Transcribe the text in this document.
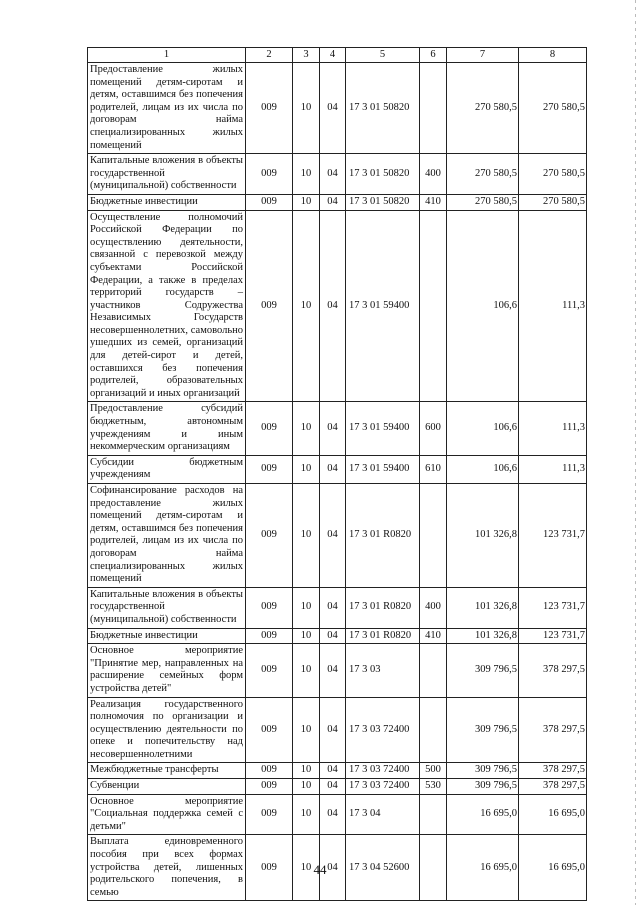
1	2	3	4	5	6	7	8
Предоставление жилых помещений детям-сиротам и детям, оставшимся без попечения родителей, лицам из их числа по договорам найма специализированных жилых помещений	009	10	04	17 3 01 50820		270 580,5	270 580,5
Капитальные вложения в объекты государственной (муниципальной) собственности	009	10	04	17 3 01 50820	400	270 580,5	270 580,5
Бюджетные инвестиции	009	10	04	17 3 01 50820	410	270 580,5	270 580,5
Осуществление полномочий Российской Федерации по осуществлению деятельности, связанной с перевозкой между субъектами Российской Федерации, а также в пределах территорий государств – участников Содружества Независимых Государств несовершеннолетних, самовольно ушедших из семей, организаций для детей-сирот и детей, оставшихся без попечения родителей, образовательных организаций и иных организаций	009	10	04	17 3 01 59400		106,6	111,3
Предоставление субсидий бюджетным, автономным учреждениям и иным некоммерческим организациям	009	10	04	17 3 01 59400	600	106,6	111,3
Субсидии бюджетным учреждениям	009	10	04	17 3 01 59400	610	106,6	111,3
Софинансирование расходов на предоставление жилых помещений детям-сиротам и детям, оставшимся без попечения родителей, лицам из их числа по договорам найма специализированных жилых помещений	009	10	04	17 3 01 R0820		101 326,8	123 731,7
Капитальные вложения в объекты государственной (муниципальной) собственности	009	10	04	17 3 01 R0820	400	101 326,8	123 731,7
Бюджетные инвестиции	009	10	04	17 3 01 R0820	410	101 326,8	123 731,7
Основное мероприятие "Принятие мер, направленных на расширение семейных форм устройства детей"	009	10	04	17 3 03		309 796,5	378 297,5
Реализация государственного полномочия по организации и осуществлению деятельности по опеке и попечительству над несовершеннолетними	009	10	04	17 3 03 72400		309 796,5	378 297,5
Межбюджетные трансферты	009	10	04	17 3 03 72400	500	309 796,5	378 297,5
Субвенции	009	10	04	17 3 03 72400	530	309 796,5	378 297,5
Основное мероприятие "Социальная поддержка семей с детьми"	009	10	04	17 3 04		16 695,0	16 695,0
Выплата единовременного пособия при всех формах устройства детей, лишенных родительского попечения, в семью	009	10	04	17 3 04 52600		16 695,0	16 695,0
44
